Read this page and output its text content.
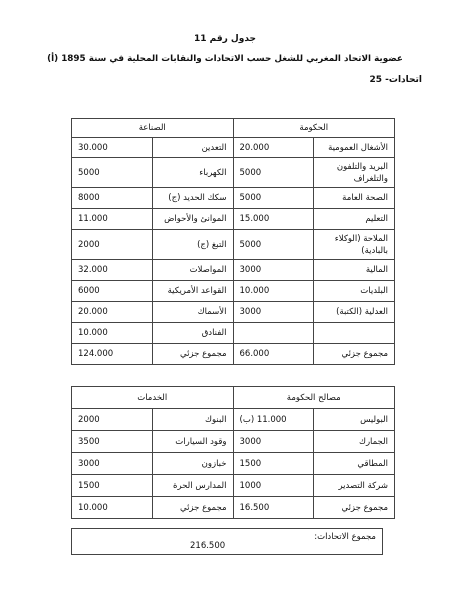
جدول رقم 11
عضوية الاتحاد المغربي للشغل حسب الاتحادات والنقابات المحلية في سنة 1895 (أ)
اتحادات- 25
الحكومة		الصناعة	
الأشغال العمومية	20.000	التعدين	30.000
البريد والتلفون والتلغراف	5000	الكهرباء	5000
الصحة العامة	5000	سكك الحديد (ج)	8000
التعليم	15.000	الموانئ والأحواض	11.000
الملاحة (الوكلاء بالبادية)	5000	التبغ (ج)	2000
المالية	3000	المواصلات	32.000
البلديات	10.000	القواعد الأمريكية	6000
العدلية (الكتبة)	3000	الأسماك	20.000
		الفنادق	10.000
مجموع جزئي	66.000	مجموع جزئي	124.000
مصالح الحكومة		الخدمات	
البوليس	11.000 (ب)	البنوك	2000
الجمارك	3000	وقود السيارات	3500
المطاقي	1500	خبازون	3000
شركة التصدير	1000	المدارس الحرة	1500
مجموع جزئي	16.500	مجموع جزئي	10.000
مجموع الاتحادات:
216.500
